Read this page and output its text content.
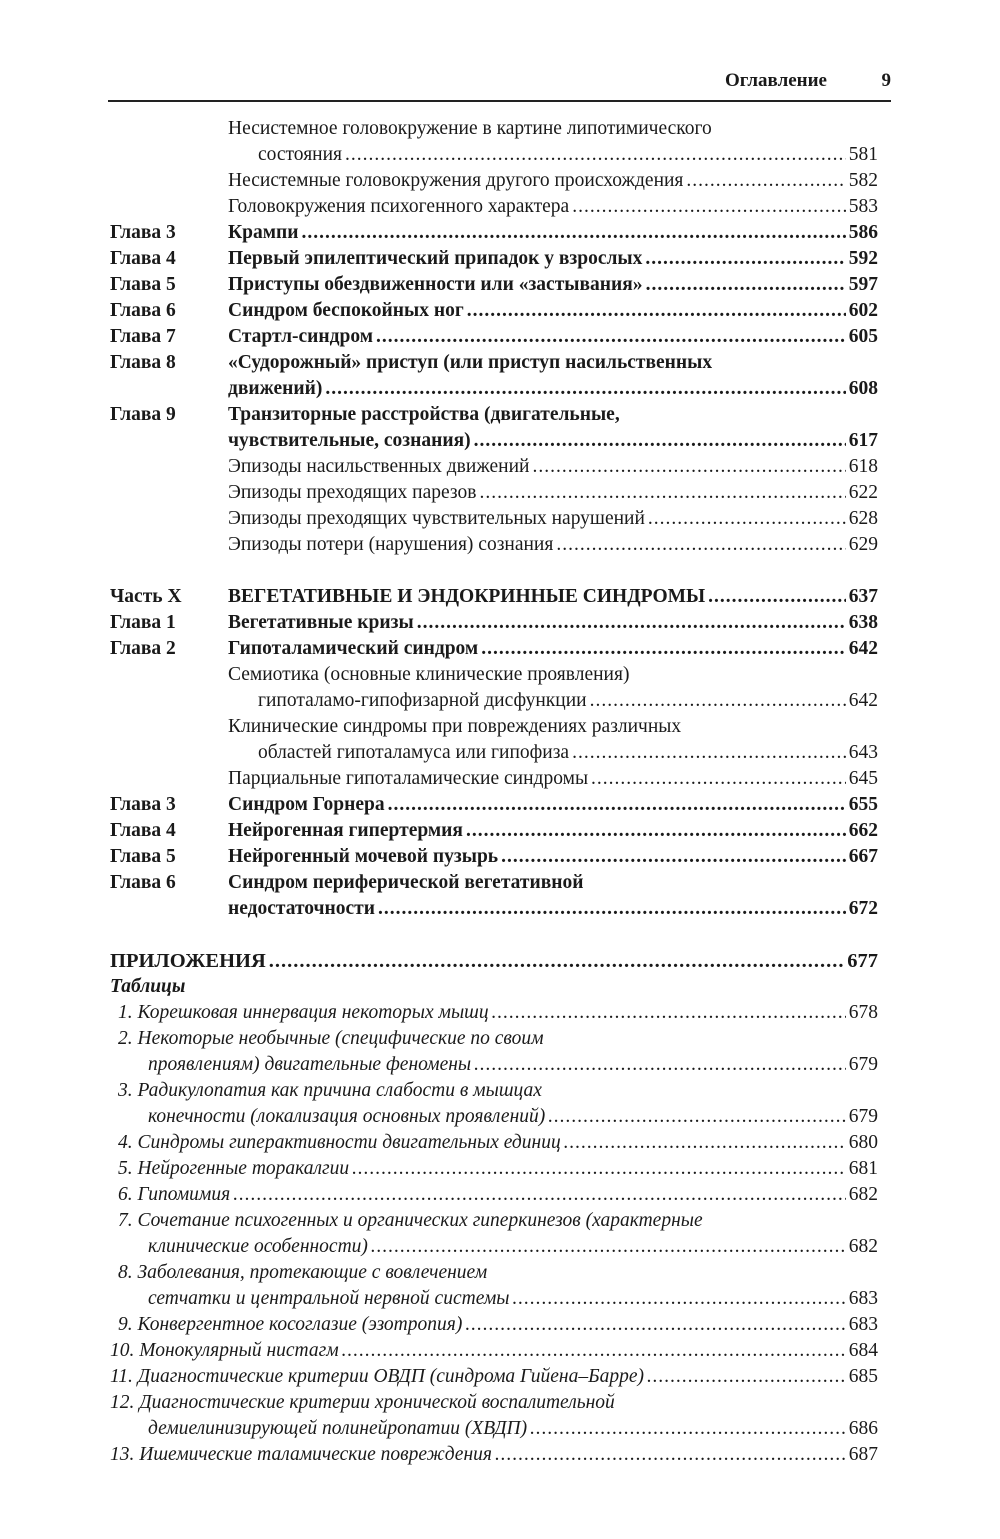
Оглавление	9
Несистемное головокружение в картине липотимического
состояния .....	581
Несистемные головокружения другого происхождения .....	582
Головокружения психогенного характера .....	583
Глава 3	Крампи .....	586
Глава 4	Первый эпилептический припадок у взрослых .....	592
Глава 5	Приступы обездвиженности или «застывания» .....	597
Глава 6	Синдром беспокойных ног .....	602
Глава 7	Стартл-синдром .....	605
Глава 8	«Судорожный» приступ (или приступ насильственных
движений) .....	608
Глава 9	Транзиторные расстройства (двигательные,
чувствительные, сознания) .....	617
Эпизоды насильственных движений .....	618
Эпизоды преходящих парезов .....	622
Эпизоды преходящих чувствительных нарушений .....	628
Эпизоды потери (нарушения) сознания .....	629
Часть X ВЕГЕТАТИВНЫЕ И ЭНДОКРИННЫЕ СИНДРОМЫ .....	637
Глава 1	Вегетативные кризы .....	638
Глава 2	Гипоталамический синдром .....	642
Семиотика (основные клинические проявления)
гипоталамо-гипофизарной дисфункции .....	642
Клинические синдромы при повреждениях различных
областей гипоталамуса или гипофиза .....	643
Парциальные гипоталамические синдромы .....	645
Глава 3	Синдром Горнера .....	655
Глава 4	Нейрогенная гипертермия .....	662
Глава 5	Нейрогенный мочевой пузырь .....	667
Глава 6	Синдром периферической вегетативной
недостаточности .....	672
ПРИЛОЖЕНИЯ .....	677
Таблицы
1. Корешковая иннервация некоторых мышц .....	678
2. Некоторые необычные (специфические по своим
проявлениям) двигательные феномены .....	679
3. Радикулопатия как причина слабости в мышцах
конечности (локализация основных проявлений) .....	679
4. Синдромы гиперактивности двигательных единиц .....	680
5. Нейрогенные торакалгии .....	681
6. Гипомимия .....	682
7. Сочетание психогенных и органических гиперкинезов (характерные
клинические особенности) .....	682
8. Заболевания, протекающие с вовлечением
сетчатки и центральной нервной системы .....	683
9. Конвергентное косоглазие (эзотропия) .....	683
10. Монокулярный нистагм .....	684
11. Диагностические критерии ОВДП (синдрома Гийена–Барре) .....	685
12. Диагностические критерии хронической воспалительной
демиелинизирующей полинейропатии (ХВДП) .....	686
13. Ишемические таламические повреждения .....	687
